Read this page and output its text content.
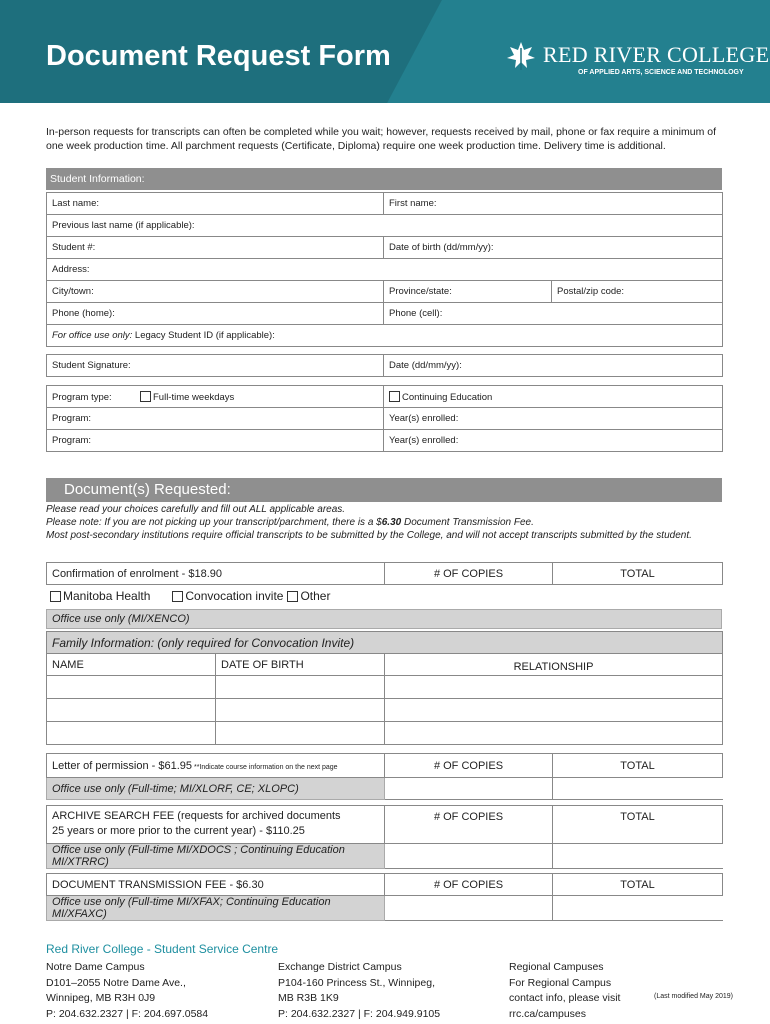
Document Request Form	RED RIVER COLLEGE
OF APPLIED ARTS, SCIENCE AND TECHNOLOGY
In-person requests for transcripts can often be completed while you wait; however, requests received by mail, phone or fax require a minimum of one week production time. All parchment requests (Certificate, Diploma) require one week production time. Delivery time is additional.
Student Information:
Last name:	First name:	
Previous last name (if applicable):		
Student #:	Date of birth (dd/mm/yy):	
Address:		
City/town:	Province/state:	Postal/zip code:
Phone (home):	Phone (cell):	
For office use only: Legacy Student ID (if applicable):		
Student Signature:	Date (dd/mm/yy):
Program type: Full-time weekdays	Continuing Education
Program:	Year(s) enrolled:
Program:	Year(s) enrolled:
Document(s) Requested:
Please read your choices carefully and fill out ALL applicable areas.
Please note: If you are not picking up your transcript/parchment, there is a $6.30 Document Transmission Fee.
Most post-secondary institutions require official transcripts to be submitted by the College, and will not accept transcripts submitted by the student.
Confirmation of enrolment - $18.90	# OF COPIES	TOTAL
Manitoba Health	Convocation invite Other
Office use only (MI/XENCO)
Family Information: (only required for Convocation Invite)		
NAME	DATE OF BIRTH	RELATIONSHIP

Letter of permission - $61.95 **Indicate course information on the next page	# OF COPIES	TOTAL
Office use only (Full-time; MI/XLORF, CE; XLOPC)		
ARCHIVE SEARCH FEE (requests for archived documents
25 years or more prior to the current year) - $110.25	# OF COPIES	TOTAL
Office use only (Full-time MI/XDOCS ; Continuing Education MI/XTRRC)		
DOCUMENT TRANSMISSION FEE - $6.30	# OF COPIES	TOTAL
Office use only (Full-time MI/XFAX; Continuing Education MI/XFAXC)		
Red River College - Student Service Centre
Notre Dame Campus
D101–2055 Notre Dame Ave.,
Winnipeg, MB R3H 0J9
P: 204.632.2327 | F: 204.697.0584
Exchange District Campus
P104-160 Princess St., Winnipeg,
MB R3B 1K9
P: 204.632.2327 | F: 204.949.9105
Regional Campuses
For Regional Campus
contact info, please visit
rrc.ca/campuses
(Last modified May 2019)
